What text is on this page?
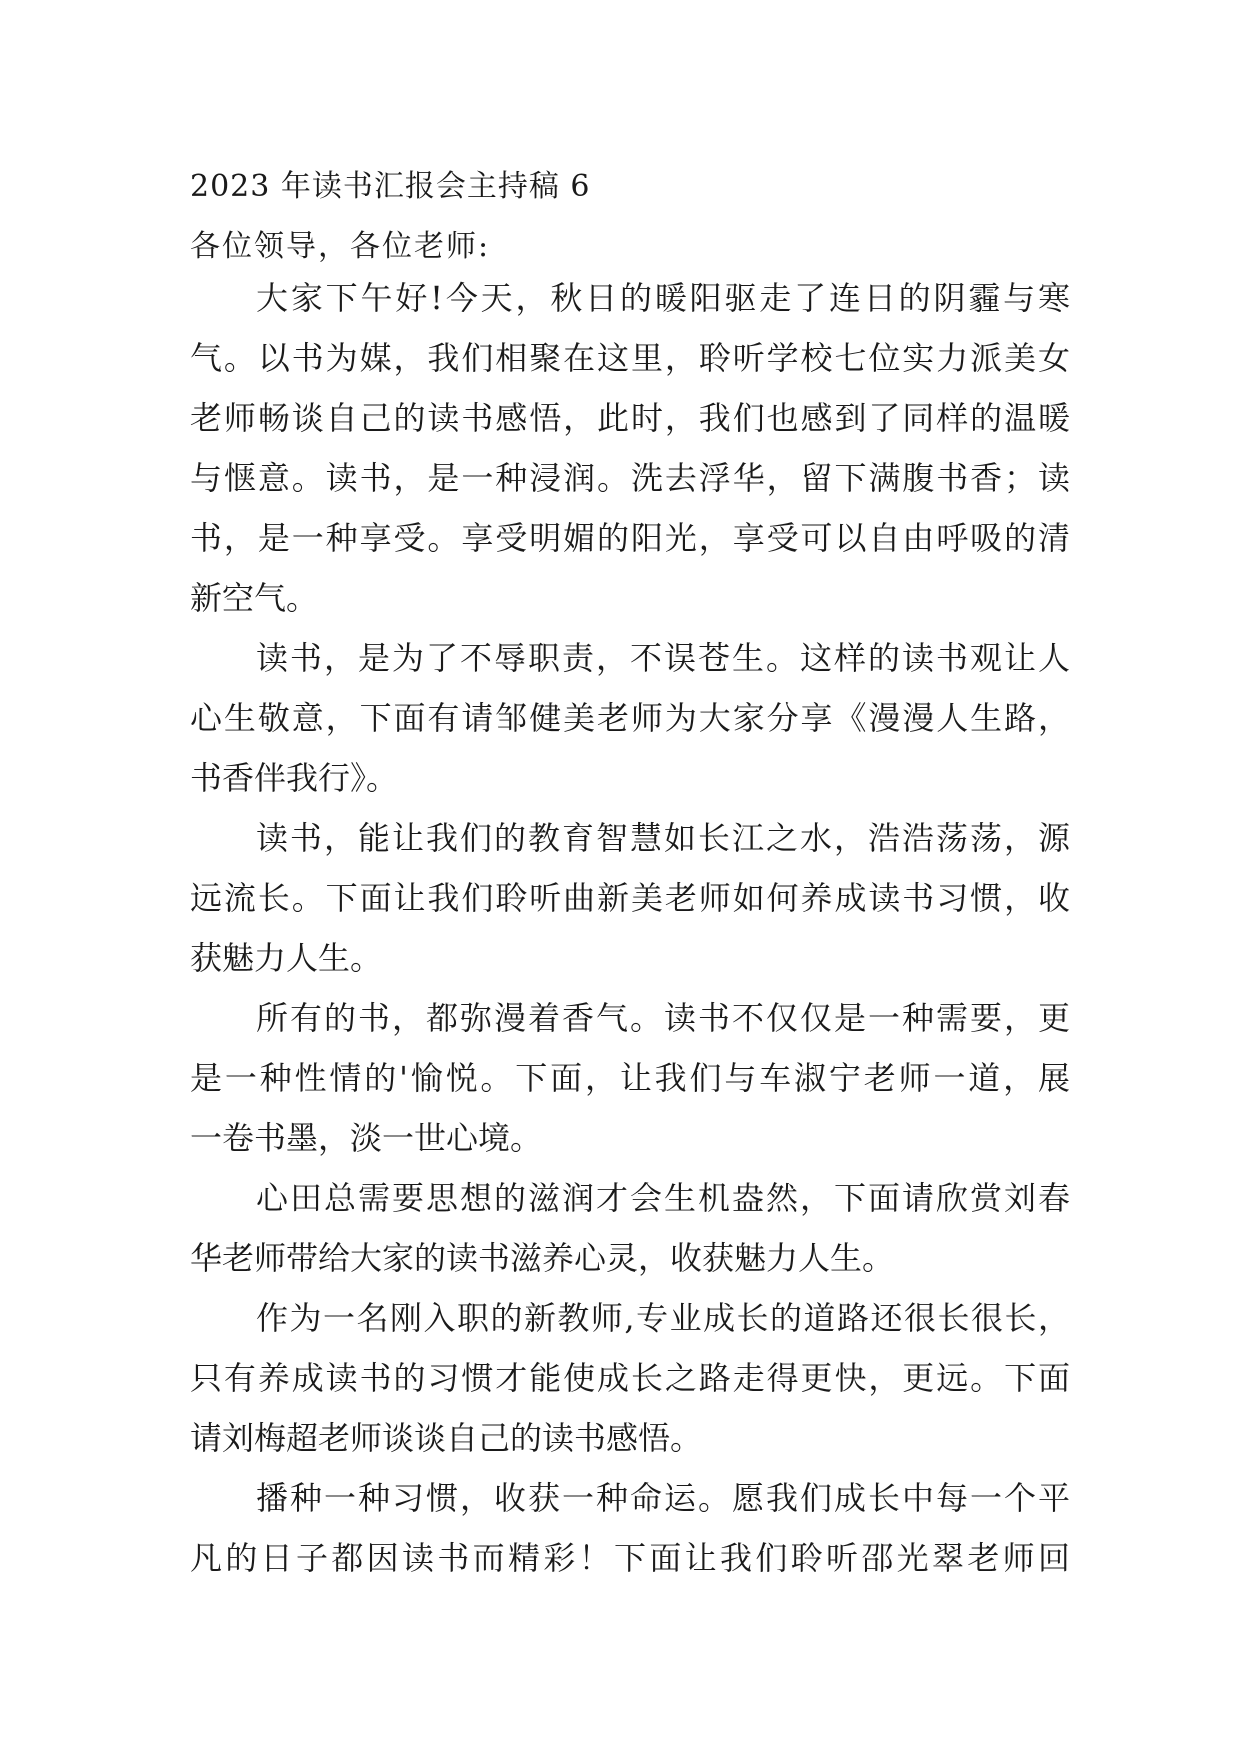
2023 年读书汇报会主持稿 6
各位领导，各位老师:
大家下午好!今天，秋日的暖阳驱走了连日的阴霾与寒
气。以书为媒，我们相聚在这里，聆听学校七位实力派美女
老师畅谈自己的读书感悟，此时，我们也感到了同样的温暖
与惬意。读书，是一种浸润。洗去浮华，留下满腹书香；读
书，是一种享受。享受明媚的阳光，享受可以自由呼吸的清
新空气。
读书，是为了不辱职责，不误苍生。这样的读书观让人
心生敬意，下面有请邹健美老师为大家分享《漫漫人生路，
书香伴我行》。
读书，能让我们的教育智慧如长江之水，浩浩荡荡，源
远流长。下面让我们聆听曲新美老师如何养成读书习惯，收
获魅力人生。
所有的书，都弥漫着香气。读书不仅仅是一种需要，更
是一种性情的'愉悦。下面，让我们与车淑宁老师一道，展
一卷书墨，淡一世心境。
心田总需要思想的滋润才会生机盎然，下面请欣赏刘春
华老师带给大家的读书滋养心灵，收获魅力人生。
作为一名刚入职的新教师,专业成长的道路还很长很长，
只有养成读书的习惯才能使成长之路走得更快，更远。下面
请刘梅超老师谈谈自己的读书感悟。
播种一种习惯，收获一种命运。愿我们成长中每一个平
凡的日子都因读书而精彩！下面让我们聆听邵光翠老师回
